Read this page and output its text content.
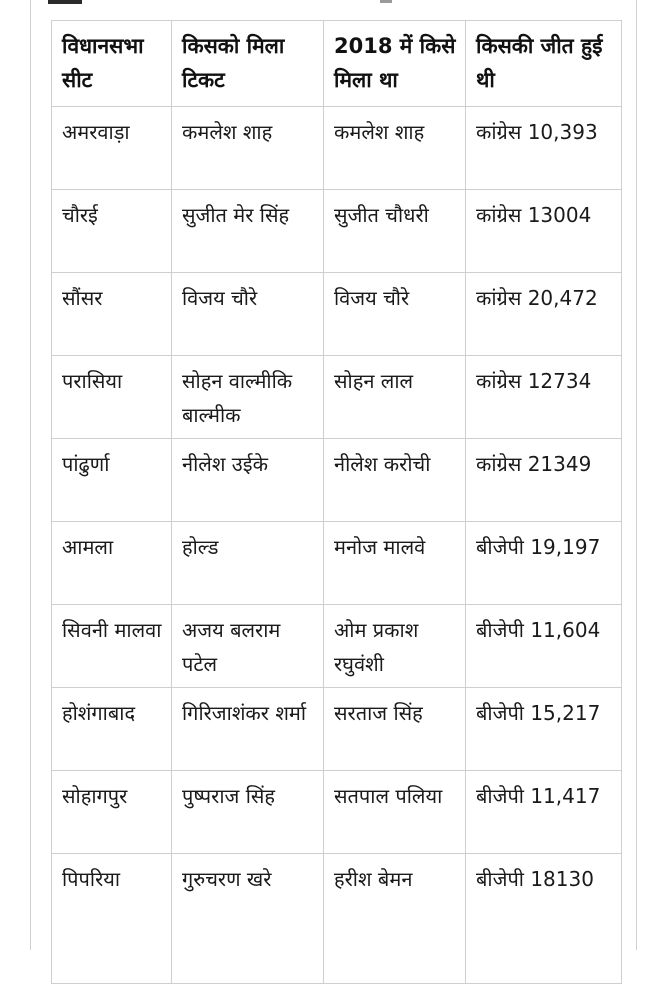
विधानसभा सीट	किसको मिला टिकट	2018 में किसे मिला था	किसकी जीत हुई थी
अमरवाड़ा	कमलेश शाह	कमलेश शाह	कांग्रेस 10,393
चौरई	सुजीत मेर सिंह	सुजीत चौधरी	कांग्रेस 13004
सौंसर	विजय चौरे	विजय चौरे	कांग्रेस 20,472
परासिया	सोहन वाल्मीकि बाल्मीक	सोहन लाल	कांग्रेस 12734
पांढुर्णा	नीलेश उईके	नीलेश करोची	कांग्रेस 21349
आमला	होल्ड	मनोज मालवे	बीजेपी 19,197
सिवनी मालवा	अजय बलराम पटेल	ओम प्रकाश रघुवंशी	बीजेपी 11,604
होशंगाबाद	गिरिजाशंकर शर्मा	सरताज सिंह	बीजेपी 15,217
सोहागपुर	पुष्पराज सिंह	सतपाल पलिया	बीजेपी 11,417
पिपरिया	गुरुचरण खरे	हरीश बेमन	बीजेपी 18130
